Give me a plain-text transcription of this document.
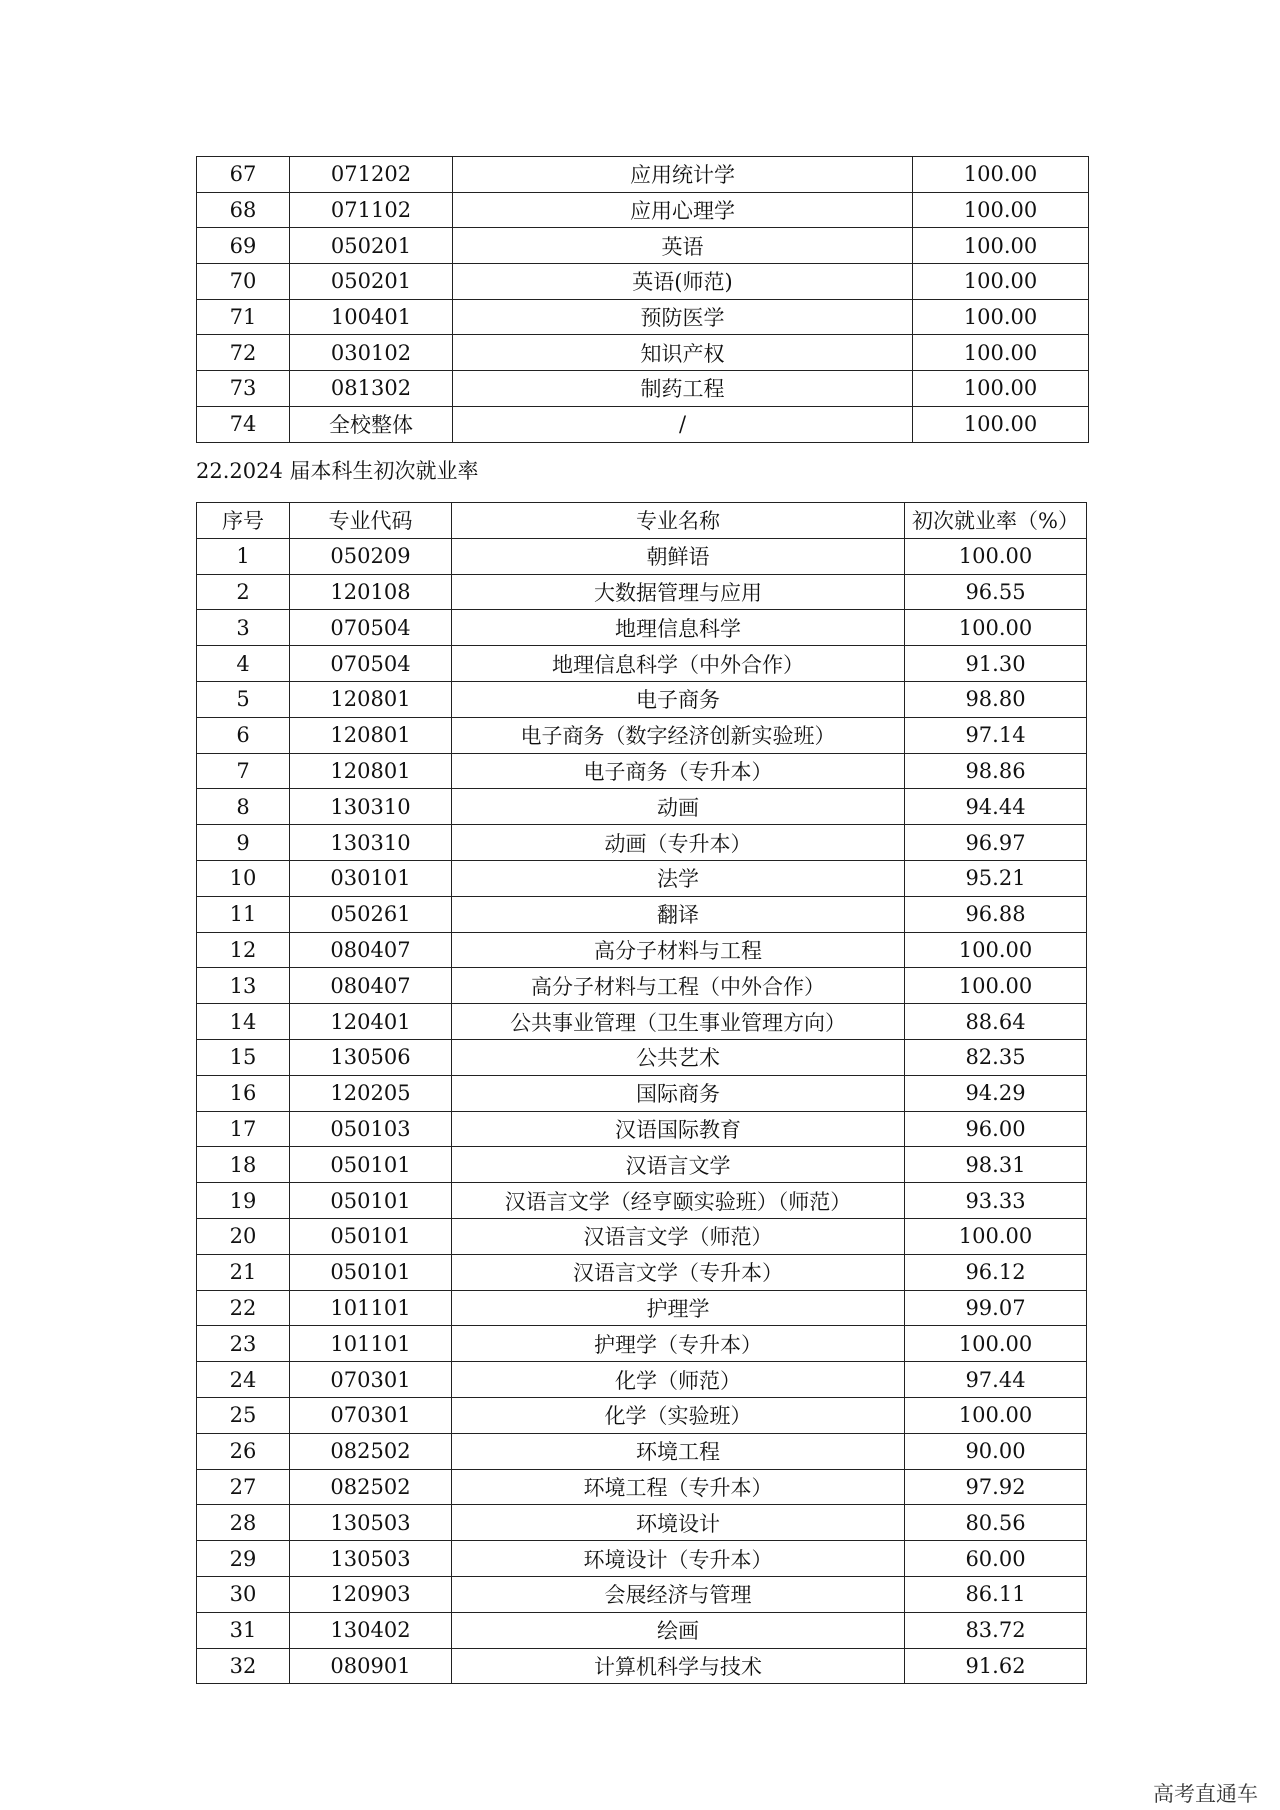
67	071202	应用统计学	100.00
68	071102	应用心理学	100.00
69	050201	英语	100.00
70	050201	英语(师范)	100.00
71	100401	预防医学	100.00
72	030102	知识产权	100.00
73	081302	制药工程	100.00
74	全校整体	/	100.00
22.2024 届本科生初次就业率
序号	专业代码	专业名称	初次就业率（%）
1	050209	朝鲜语	100.00
2	120108	大数据管理与应用	96.55
3	070504	地理信息科学	100.00
4	070504	地理信息科学（中外合作）	91.30
5	120801	电子商务	98.80
6	120801	电子商务（数字经济创新实验班）	97.14
7	120801	电子商务（专升本）	98.86
8	130310	动画	94.44
9	130310	动画（专升本）	96.97
10	030101	法学	95.21
11	050261	翻译	96.88
12	080407	高分子材料与工程	100.00
13	080407	高分子材料与工程（中外合作）	100.00
14	120401	公共事业管理（卫生事业管理方向）	88.64
15	130506	公共艺术	82.35
16	120205	国际商务	94.29
17	050103	汉语国际教育	96.00
18	050101	汉语言文学	98.31
19	050101	汉语言文学（经亨颐实验班）（师范）	93.33
20	050101	汉语言文学（师范）	100.00
21	050101	汉语言文学（专升本）	96.12
22	101101	护理学	99.07
23	101101	护理学（专升本）	100.00
24	070301	化学（师范）	97.44
25	070301	化学（实验班）	100.00
26	082502	环境工程	90.00
27	082502	环境工程（专升本）	97.92
28	130503	环境设计	80.56
29	130503	环境设计（专升本）	60.00
30	120903	会展经济与管理	86.11
31	130402	绘画	83.72
32	080901	计算机科学与技术	91.62
高考直通车
